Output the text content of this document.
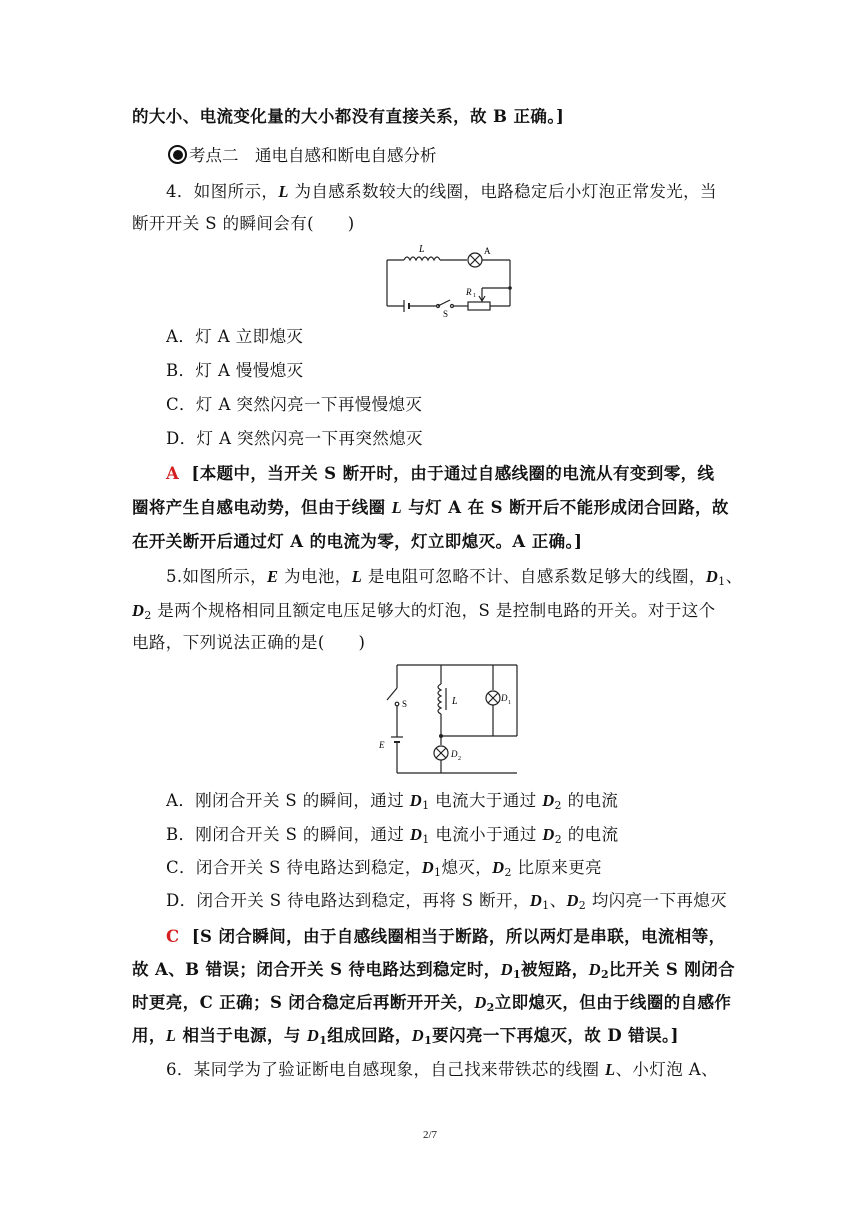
的大小、电流变化量的大小都没有直接关系，故 B 正确。]
考点二　通电自感和断电自感分析
4．如图所示，L 为自感系数较大的线圈，电路稳定后小灯泡正常发光，当
断开开关 S 的瞬间会有(　　)
L	A
R 1
S
A．灯 A 立即熄灭
B．灯 A 慢慢熄灭
C．灯 A 突然闪亮一下再慢慢熄灭
D．灯 A 突然闪亮一下再突然熄灭
A [本题中，当开关 S 断开时，由于通过自感线圈的电流从有变到零，线
圈将产生自感电动势，但由于线圈 L 与灯 A 在 S 断开后不能形成闭合回路，故
在开关断开后通过灯 A 的电流为零，灯立即熄灭。A 正确。]
5.如图所示，E 为电池，L 是电阻可忽略不计、自感系数足够大的线圈，$D_1$、
$D_2$ 是两个规格相同且额定电压足够大的灯泡，S 是控制电路的开关。对于这个
电路，下列说法正确的是(　　)
S	L	D 1
E
D 2
A．刚闭合开关 S 的瞬间，通过 $D_1$ 电流大于通过 $D_2$ 的电流
B．刚闭合开关 S 的瞬间，通过 $D_1$ 电流小于通过 $D_2$ 的电流
C．闭合开关 S 待电路达到稳定，$D_1$熄灭，$D_2$ 比原来更亮
D．闭合开关 S 待电路达到稳定，再将 S 断开，$D_1$、$D_2$ 均闪亮一下再熄灭
C [S 闭合瞬间，由于自感线圈相当于断路，所以两灯是串联，电流相等，
故 A、B 错误；闭合开关 S 待电路达到稳定时，$D_1$被短路，$D_2$比开关 S 刚闭合
时更亮，C 正确；S 闭合稳定后再断开开关，$D_2$立即熄灭，但由于线圈的自感作
用，L 相当于电源，与 $D_1$组成回路，$D_1$要闪亮一下再熄灭，故 D 错误。]
6．某同学为了验证断电自感现象，自己找来带铁芯的线圈 L、小灯泡 A、
2/7
